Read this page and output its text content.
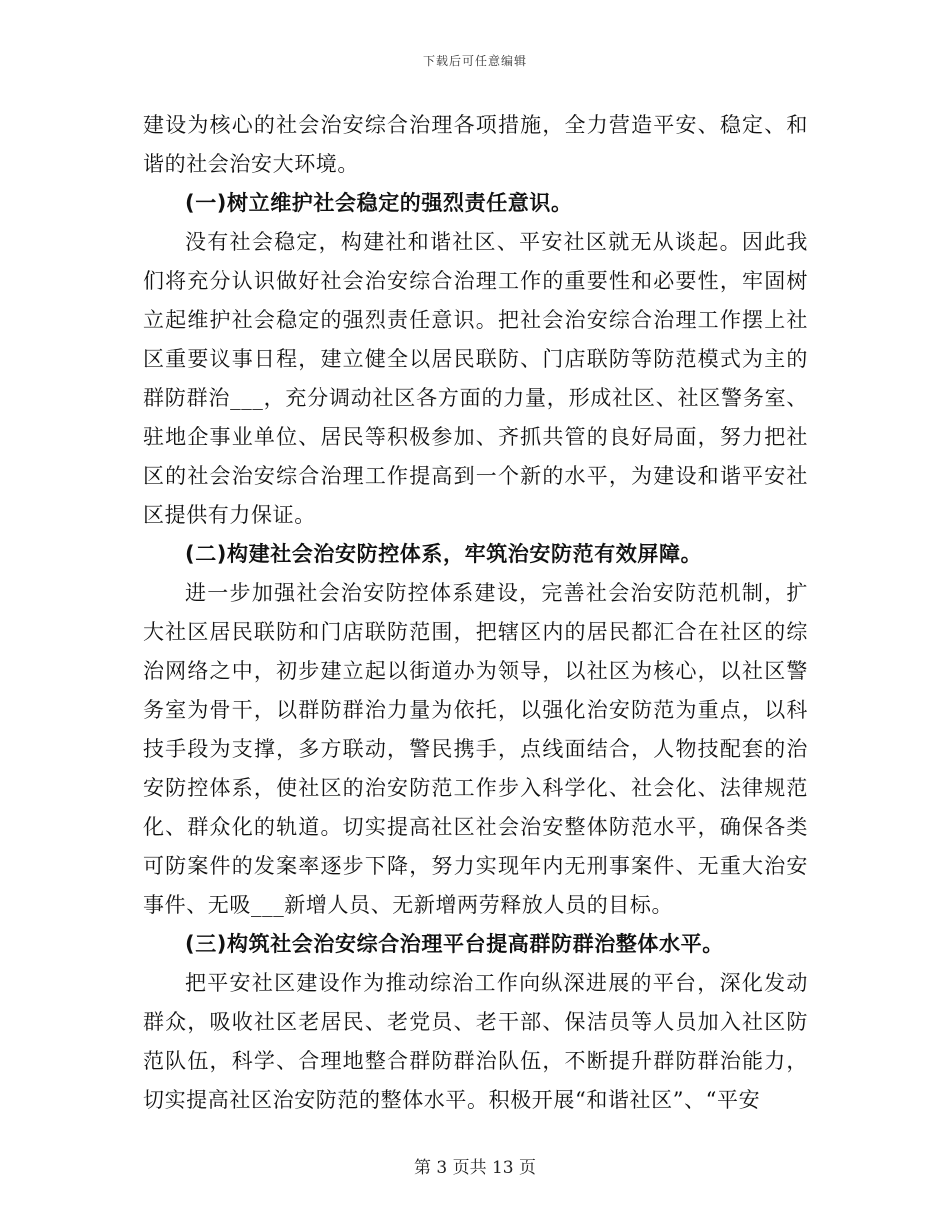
下载后可任意编辑

建设为核心的社会治安综合治理各项措施，全力营造平安、稳定、和谐的社会治安大环境。

(一)树立维护社会稳定的强烈责任意识。

没有社会稳定，构建社和谐社区、平安社区就无从谈起。因此我们将充分认识做好社会治安综合治理工作的重要性和必要性，牢固树立起维护社会稳定的强烈责任意识。把社会治安综合治理工作摆上社区重要议事日程，建立健全以居民联防、门店联防等防范模式为主的群防群治___，充分调动社区各方面的力量，形成社区、社区警务室、驻地企事业单位、居民等积极参加、齐抓共管的良好局面，努力把社区的社会治安综合治理工作提高到一个新的水平，为建设和谐平安社区提供有力保证。

(二)构建社会治安防控体系，牢筑治安防范有效屏障。

进一步加强社会治安防控体系建设，完善社会治安防范机制，扩大社区居民联防和门店联防范围，把辖区内的居民都汇合在社区的综治网络之中，初步建立起以街道办为领导，以社区为核心，以社区警务室为骨干，以群防群治力量为依托，以强化治安防范为重点，以科技手段为支撑，多方联动，警民携手，点线面结合，人物技配套的治安防控体系，使社区的治安防范工作步入科学化、社会化、法律规范化、群众化的轨道。切实提高社区社会治安整体防范水平，确保各类可防案件的发案率逐步下降，努力实现年内无刑事案件、无重大治安事件、无吸___新增人员、无新增两劳释放人员的目标。

(三)构筑社会治安综合治理平台提高群防群治整体水平。

把平安社区建设作为推动综治工作向纵深进展的平台，深化发动群众，吸收社区老居民、老党员、老干部、保洁员等人员加入社区防范队伍，科学、合理地整合群防群治队伍，不断提升群防群治能力，切实提高社区治安防范的整体水平。积极开展“和谐社区”、“平安

第 3 页共 13 页
